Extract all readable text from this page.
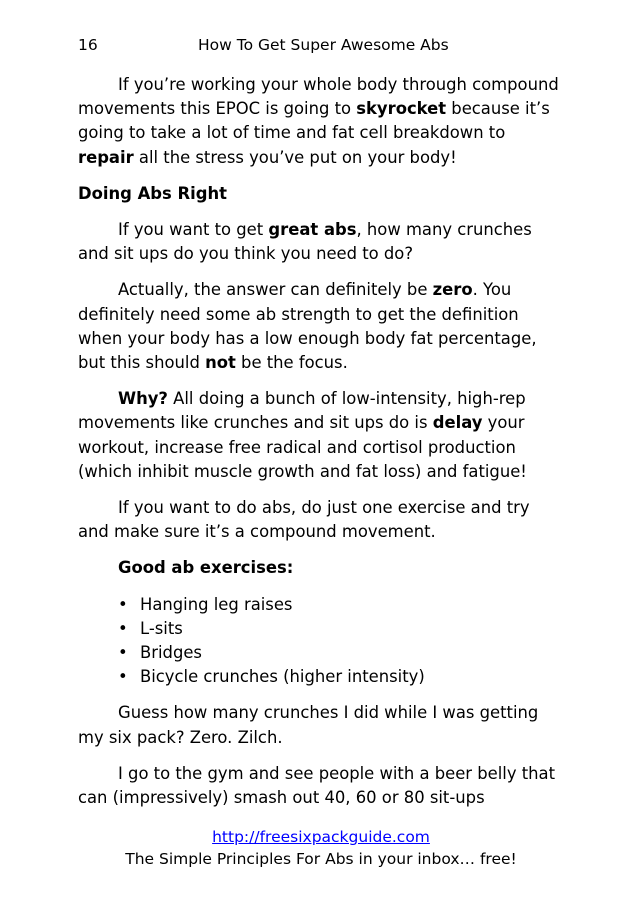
16	How To Get Super Awesome Abs

If you’re working your whole body through compound movements this EPOC is going to skyrocket because it’s going to take a lot of time and fat cell breakdown to repair all the stress you’ve put on your body!

Doing Abs Right

If you want to get great abs, how many crunches and sit ups do you think you need to do?

Actually, the answer can definitely be zero. You definitely need some ab strength to get the definition when your body has a low enough body fat percentage, but this should not be the focus.

Why? All doing a bunch of low-intensity, high-rep movements like crunches and sit ups do is delay your workout, increase free radical and cortisol production (which inhibit muscle growth and fat loss) and fatigue!

If you want to do abs, do just one exercise and try and make sure it’s a compound movement.

Good ab exercises:

• Hanging leg raises
• L-sits
• Bridges
• Bicycle crunches (higher intensity)

Guess how many crunches I did while I was getting my six pack? Zero. Zilch.

I go to the gym and see people with a beer belly that can (impressively) smash out 40, 60 or 80 sit-ups

http://freesixpackguide.com
The Simple Principles For Abs in your inbox… free!
